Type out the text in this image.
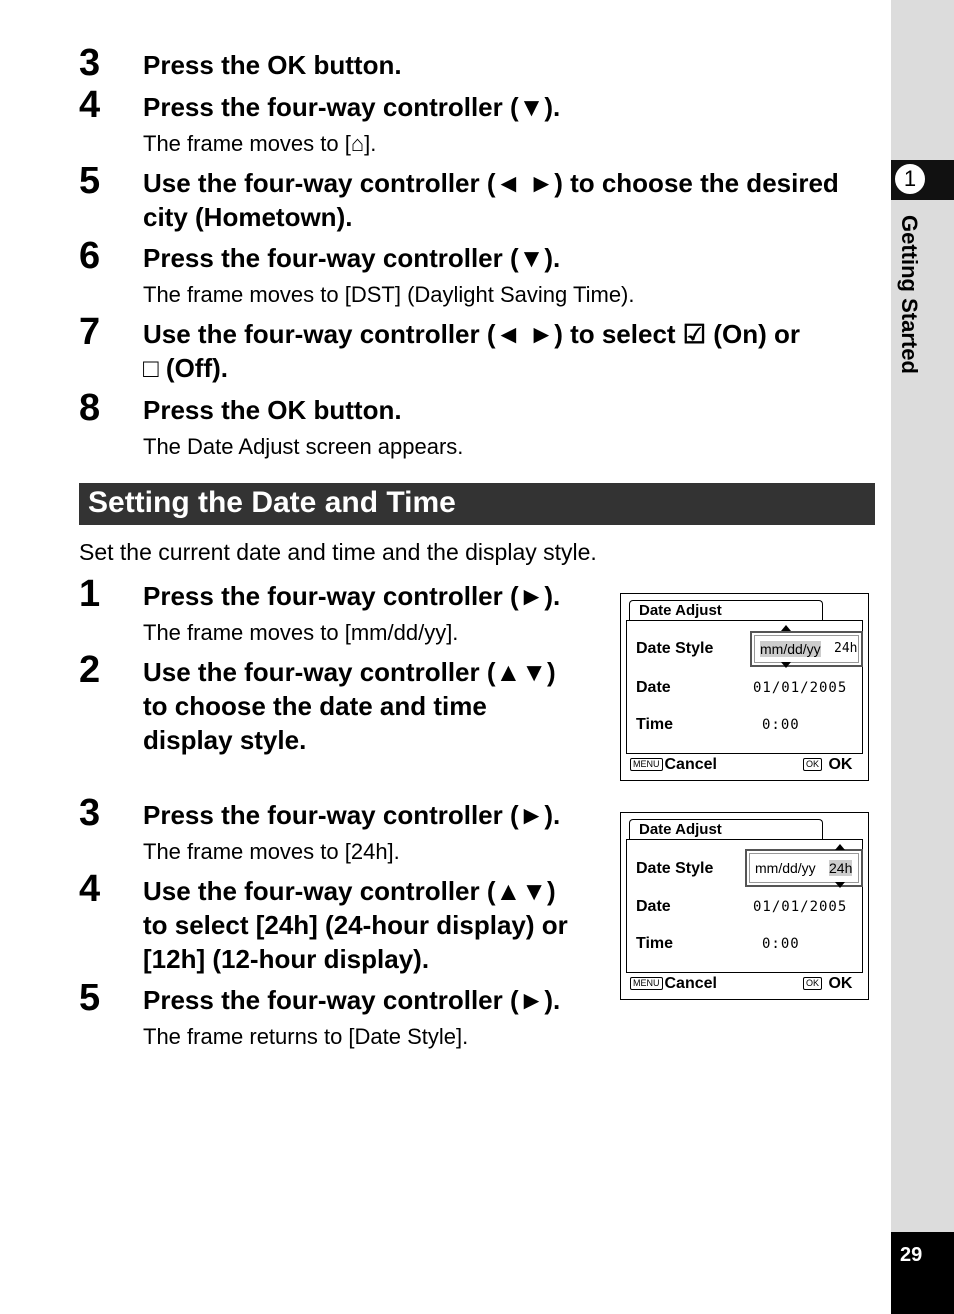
1
Getting Started
29
3 Press the OK button.
4 Press the four-way controller (▼).
The frame moves to [⌂].
5 Use the four-way controller (◄ ►) to choose the desired
city (Hometown).
6 Press the four-way controller (▼).
The frame moves to [DST] (Daylight Saving Time).
7 Use the four-way controller (◄ ►) to select ☑ (On) or
□ (Off).
8 Press the OK button.
The Date Adjust screen appears.
Setting the Date and Time
Set the current date and time and the display style.
1 Press the four-way controller (►).
The frame moves to [mm/dd/yy].
2 Use the four-way controller (▲▼)
to choose the date and time
display style.
3 Press the four-way controller (►).
The frame moves to [24h].
4 Use the four-way controller (▲▼)
to select [24h] (24-hour display) or
[12h] (12-hour display).
5 Press the four-way controller (►).
The frame returns to [Date Style].
Date Adjust
Date Style	mm/dd/yy 24h
Date	01/01/2005
Time	0:00
MENU Cancel	OK OK
Date Adjust
Date Style	mm/dd/yy 24h
Date	01/01/2005
Time	0:00
MENU Cancel	OK OK
